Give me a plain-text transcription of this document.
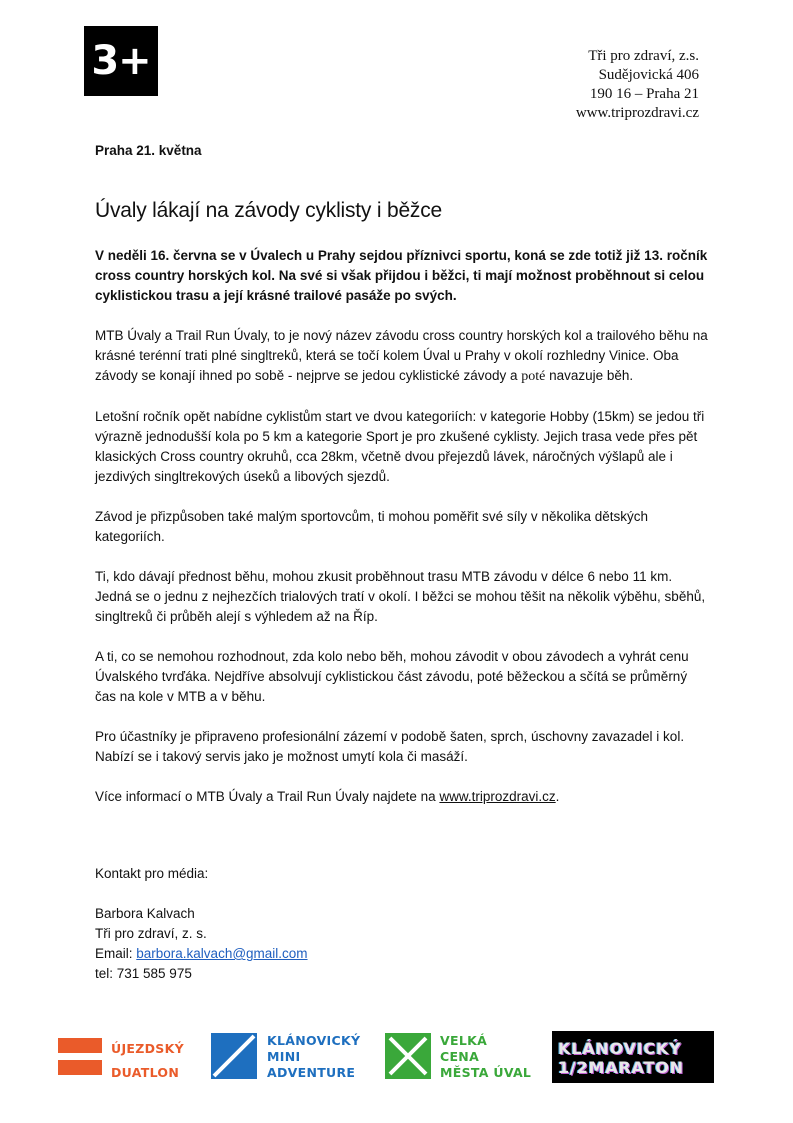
3+	Tři pro zdraví, z.s.
Sudějovická 406
190 16 – Praha 21
www.triprozdravi.cz
Praha 21. května
Úvaly lákají na závody cyklisty i běžce

V neděli 16. června se v Úvalech u Prahy sejdou příznivci sportu, koná se zde totiž již 13. ročník cross country horských kol. Na své si však přijdou i běžci, ti mají možnost proběhnout si celou cyklistickou trasu a její krásné trailové pasáže po svých.

MTB Úvaly a Trail Run Úvaly, to je nový název závodu cross country horských kol a trailového běhu na krásné terénní trati plné singltreků, která se točí kolem Úval u Prahy v okolí rozhledny Vinice. Oba závody se konají ihned po sobě - nejprve se jedou cyklistické závody a poté navazuje běh.

Letošní ročník opět nabídne cyklistům start ve dvou kategoriích: v kategorie Hobby (15km) se jedou tři výrazně jednodušší kola po 5 km a kategorie Sport je pro zkušené cyklisty. Jejich trasa vede přes pět klasických Cross country okruhů, cca 28km, včetně dvou přejezdů lávek, náročných výšlapů ale i jezdivých singltrekových úseků a libových sjezdů.

Závod je přizpůsoben také malým sportovcům, ti mohou poměřit své síly v několika dětských kategoriích.

Ti, kdo dávají přednost běhu, mohou zkusit proběhnout trasu MTB závodu v délce 6 nebo 11 km. Jedná se o jednu z nejhezčích trialových tratí v okolí. I běžci se mohou těšit na několik výběhu, sběhů, singltreků či průběh alejí s výhledem až na Říp.

A ti, co se nemohou rozhodnout, zda kolo nebo běh, mohou závodit v obou závodech a vyhrát cenu Úvalského tvrďáka. Nejdříve absolvují cyklistickou část závodu, poté běžeckou a sčítá se průměrný čas na kole v MTB a v běhu.

Pro účastníky je připraveno profesionální zázemí v podobě šaten, sprch, úschovny zavazadel i kol. Nabízí se i takový servis jako je možnost umytí kola či masáží.

Více informací o MTB Úvaly a Trail Run Úvaly najdete na www.triprozdravi.cz.

Kontakt pro média:
Barbora Kalvach
Tři pro zdraví, z. s.
Email: barbora.kalvach@gmail.com
tel: 731 585 975
ÚJEZDSKÝ
DUATLON
KLÁNOVICKÝ
MINI
ADVENTURE
VELKÁ
CENA
MĚSTA ÚVAL
KLÁNOVICKÝ
1/2MARATON
